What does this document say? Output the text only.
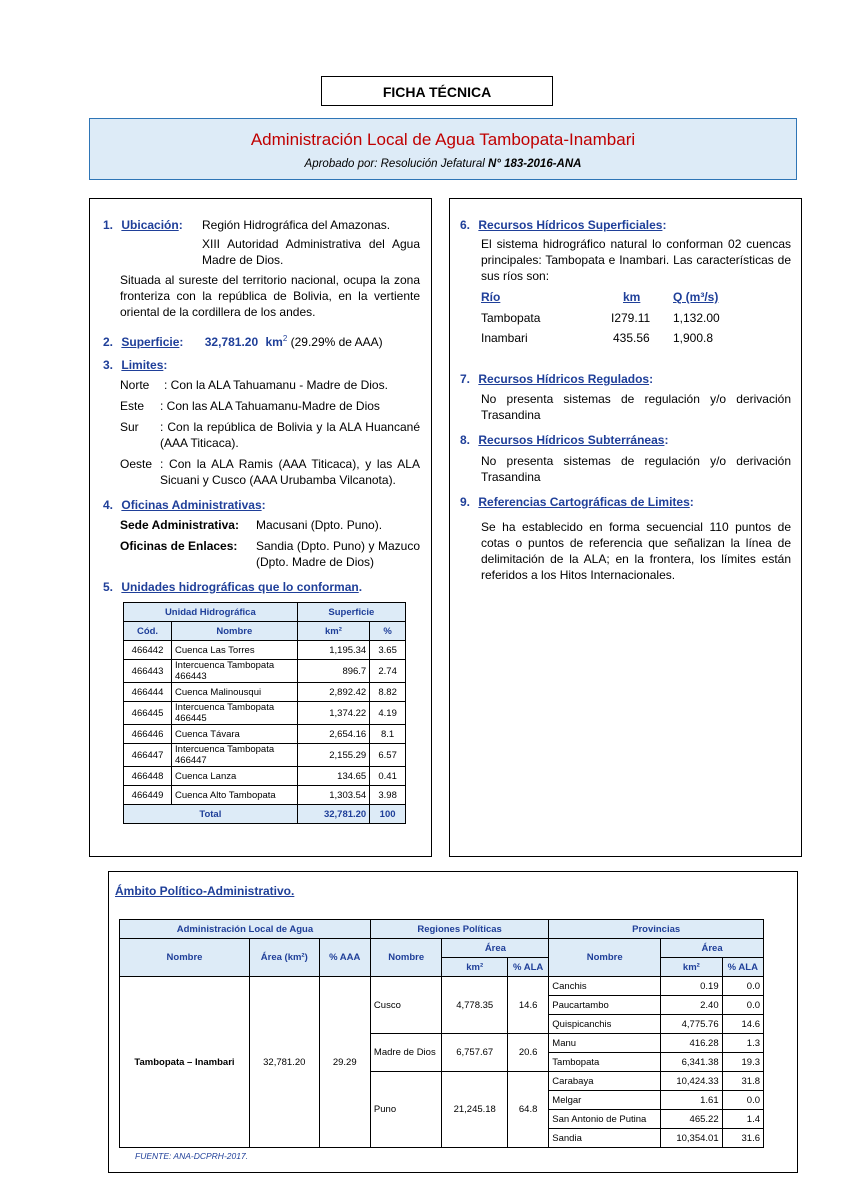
FICHA TÉCNICA
Administración Local de Agua Tambopata-Inambari
Aprobado por: Resolución Jefatural N° 183-2016-ANA
1. Ubicación: Región Hidrográfica del Amazonas.
XIII Autoridad Administrativa del Agua Madre de Dios.
Situada al sureste del territorio nacional, ocupa la zona fronteriza con la república de Bolivia, en la vertiente oriental de la cordillera de los andes.
2. Superficie: 32,781.20 $km^2$ (29.29% de AAA)
3. Limites:
Norte : Con la ALA Tahuamanu - Madre de Dios.
Este : Con las ALA Tahuamanu-Madre de Dios
Sur : Con la república de Bolivia y la ALA Huancané (AAA Titicaca).
Oeste : Con la ALA Ramis (AAA Titicaca), y las ALA Sicuani y Cusco (AAA Urubamba Vilcanota).
4. Oficinas Administrativas:
Sede Administrativa: Macusani (Dpto. Puno).
Oficinas de Enlaces: Sandia (Dpto. Puno) y Mazuco (Dpto. Madre de Dios)
5. Unidades hidrográficas que lo conforman.
Unidad Hidrográfica		Superficie	
Cód.	Nombre	km²	%
466442	Cuenca Las Torres	1,195.34	3.65
466443	Intercuenca Tambopata 466443	896.7	2.74
466444	Cuenca Malinousqui	2,892.42	8.82
466445	Intercuenca Tambopata 466445	1,374.22	4.19
466446	Cuenca Távara	2,654.16	8.1
466447	Intercuenca Tambopata 466447	2,155.29	6.57
466448	Cuenca Lanza	134.65	0.41
466449	Cuenca Alto Tambopata	1,303.54	3.98
Total		32,781.20	100
6. Recursos Hídricos Superficiales:
El sistema hidrográfico natural lo conforman 02 cuencas principales: Tambopata e Inambari. Las características de sus ríos son:
Río	km	Q (m³/s)
Tambopata	I279.11 1,132.00
Inambari	435.56 1,900.8
7. Recursos Hídricos Regulados:
No presenta sistemas de regulación y/o derivación Trasandina
8. Recursos Hídricos Subterráneas:
No presenta sistemas de regulación y/o derivación Trasandina
9. Referencias Cartográficas de Limites:
Se ha establecido en forma secuencial 110 puntos de cotas o puntos de referencia que señalizan la línea de delimitación de la ALA; en la frontera, los límites están referidos a los Hitos Internacionales.
Ámbito Político-Administrativo.
Administración Local de Agua			Regiones Políticas			Provincias		
Nombre	Área (km²)	% AAA	Nombre	Área		Nombre	Área	
				km²	% ALA		km²	% ALA
Tambopata – Inambari	32,781.20	29.29	Cusco	4,778.35	14.6	Canchis	0.19	0.0
						Paucartambo	2.40	0.0
						Quispicanchis	4,775.76	14.6
			Madre de Dios	6,757.67	20.6	Manu	416.28	1.3
						Tambopata	6,341.38	19.3
			Puno	21,245.18	64.8	Carabaya	10,424.33	31.8
						Melgar	1.61	0.0
						San Antonio de Putina	465.22	1.4
						Sandia	10,354.01	31.6
FUENTE: ANA-DCPRH-2017.
